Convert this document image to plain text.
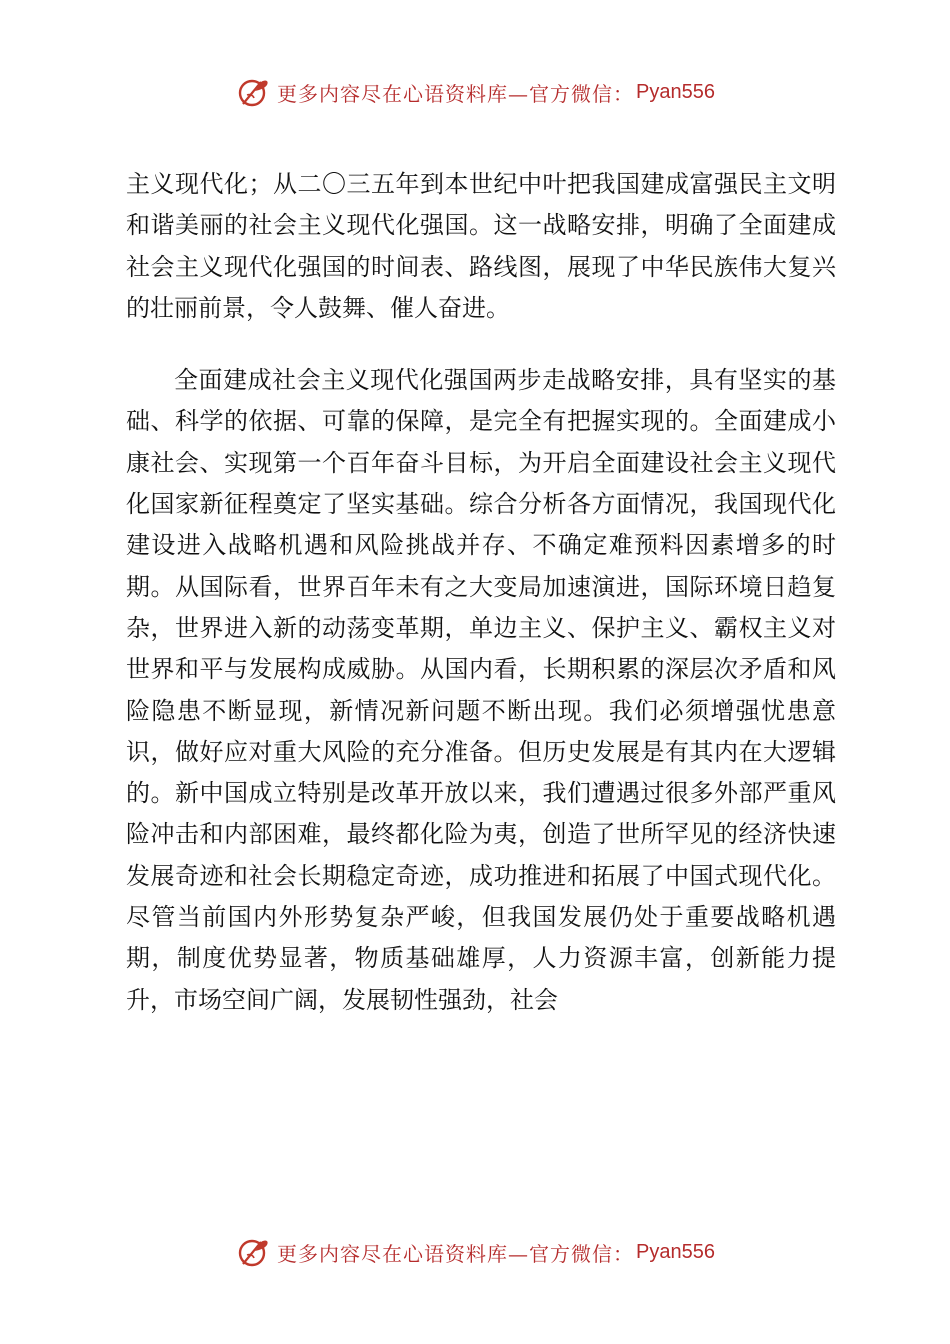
更多内容尽在心语资料库—官方微信： Pyan556

主义现代化；从二〇三五年到本世纪中叶把我国建成富强民主文明和谐美丽的社会主义现代化强国。这一战略安排，明确了全面建成社会主义现代化强国的时间表、路线图，展现了中华民族伟大复兴的壮丽前景，令人鼓舞、催人奋进。

全面建成社会主义现代化强国两步走战略安排，具有坚实的基础、科学的依据、可靠的保障，是完全有把握实现的。全面建成小康社会、实现第一个百年奋斗目标，为开启全面建设社会主义现代化国家新征程奠定了坚实基础。综合分析各方面情况，我国现代化建设进入战略机遇和风险挑战并存、不确定难预料因素增多的时期。从国际看，世界百年未有之大变局加速演进，国际环境日趋复杂，世界进入新的动荡变革期，单边主义、保护主义、霸权主义对世界和平与发展构成威胁。从国内看，长期积累的深层次矛盾和风险隐患不断显现，新情况新问题不断出现。我们必须增强忧患意识，做好应对重大风险的充分准备。但历史发展是有其内在大逻辑的。新中国成立特别是改革开放以来，我们遭遇过很多外部严重风险冲击和内部困难，最终都化险为夷，创造了世所罕见的经济快速发展奇迹和社会长期稳定奇迹，成功推进和拓展了中国式现代化。尽管当前国内外形势复杂严峻，但我国发展仍处于重要战略机遇期，制度优势显著，物质基础雄厚，人力资源丰富，创新能力提升，市场空间广阔，发展韧性强劲，社会

更多内容尽在心语资料库—官方微信： Pyan556
